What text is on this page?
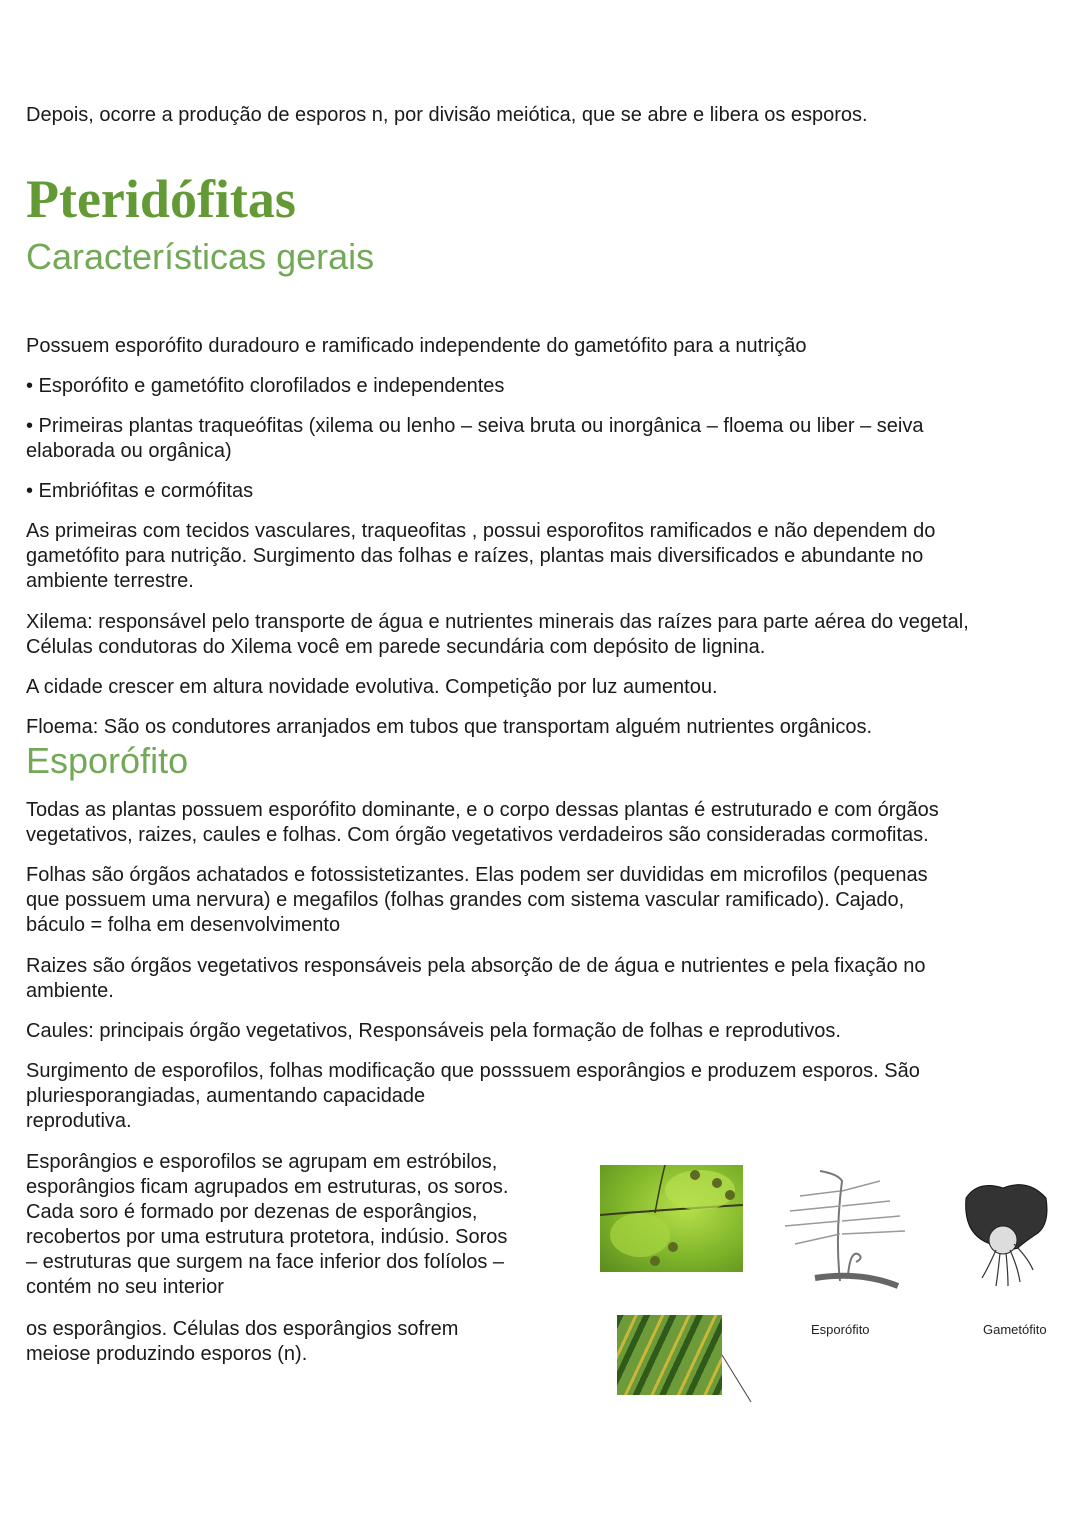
Depois, ocorre a produção de esporos n, por divisão meiótica, que se abre e libera os esporos.
Pteridófitas
Características gerais
Possuem esporófito duradouro e ramificado independente do gametófito para a nutrição
• Esporófito e gametófito clorofilados e independentes
• Primeiras plantas traqueófitas (xilema ou lenho – seiva bruta ou inorgânica – floema ou liber – seiva
elaborada ou orgânica)
• Embriófitas e cormófitas
As primeiras com tecidos vasculares, traqueofitas , possui esporofitos ramificados e não dependem do
gametófito para nutrição. Surgimento das folhas e raízes, plantas mais diversificados e abundante no
ambiente terrestre.
Xilema: responsável pelo transporte de água e nutrientes minerais das raízes para parte aérea do vegetal,
Células condutoras do Xilema você em parede secundária com depósito de lignina.
A cidade crescer em altura novidade evolutiva. Competição por luz aumentou.
Floema: São os condutores arranjados em tubos que transportam alguém nutrientes orgânicos.
Esporófito
Todas as plantas possuem esporófito dominante, e o corpo dessas plantas é estruturado e com órgãos
vegetativos, raizes, caules e folhas. Com órgão vegetativos verdadeiros são consideradas cormofitas.
Folhas são órgãos achatados e fotossistetizantes. Elas podem ser duvididas em microfilos (pequenas
que possuem uma nervura) e megafilos (folhas grandes com sistema vascular ramificado). Cajado,
báculo = folha em desenvolvimento
Raizes são órgãos vegetativos responsáveis pela absorção de de água e nutrientes e pela fixação no
ambiente.
Caules: principais órgão vegetativos, Responsáveis pela formação de folhas e reprodutivos.
Surgimento de esporofilos, folhas modificação que posssuem esporângios e produzem esporos. São
pluriesporangiadas, aumentando capacidade
reprodutiva.
Esporângios e esporofilos se agrupam em estróbilos,
esporângios ficam agrupados em estruturas, os soros.
Cada soro é formado por dezenas de esporângios,
recobertos por uma estrutura protetora, indúsio. Soros
– estruturas que surgem na face inferior dos folíolos –
contém no seu interior
os esporângios. Células dos esporângios sofrem
meiose produzindo esporos (n).
Esporófito	Gametófito
